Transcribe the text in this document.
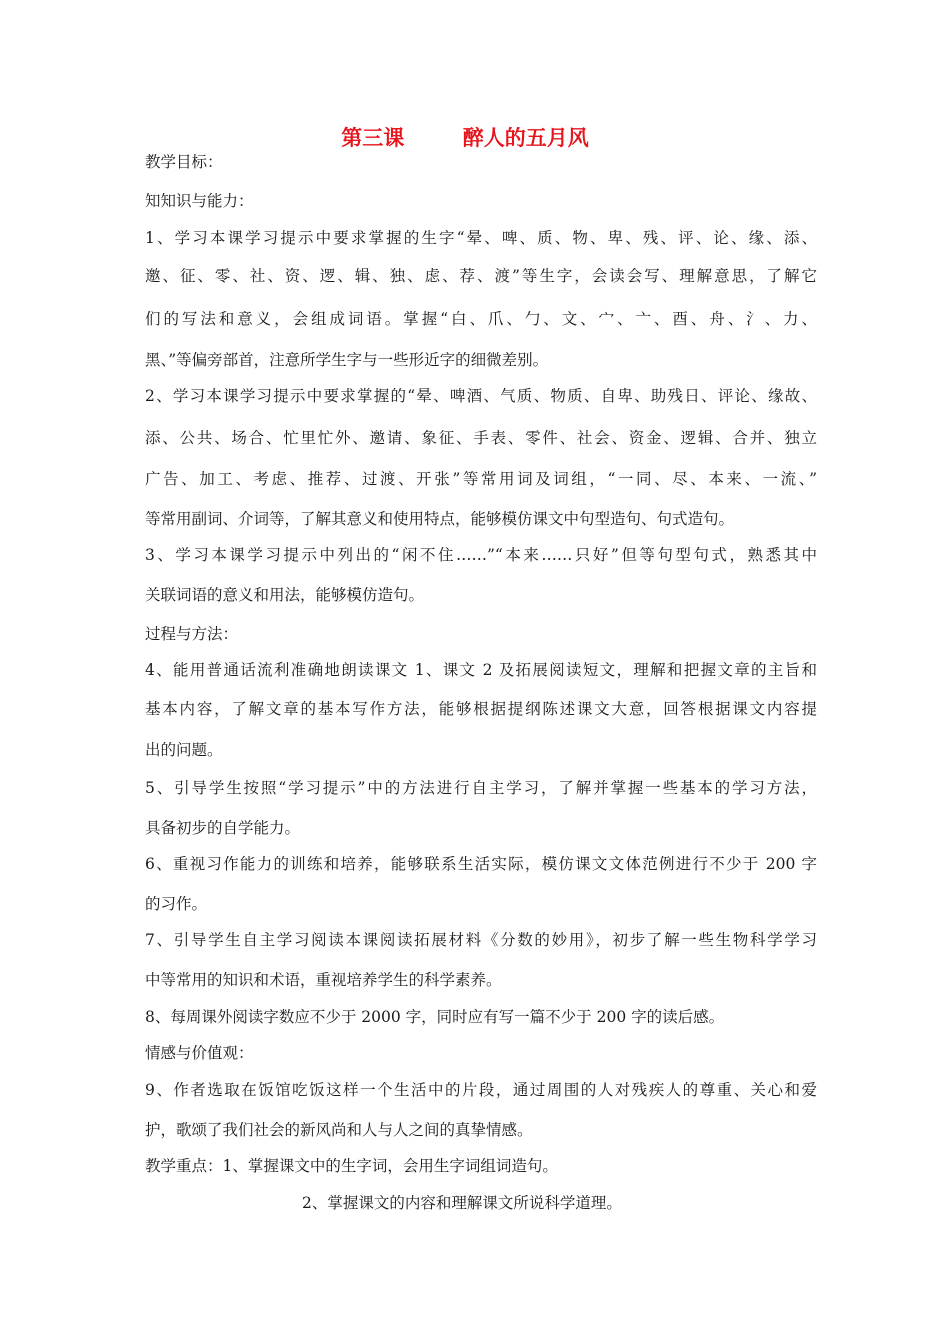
第三课        醉人的五月风
教学目标：
知知识与能力：
1、学习本课学习提示中要求掌握的生字“晕、啤、质、物、卑、残、评、论、缘、添、
邀、征、零、社、资、逻、辑、独、虑、荐、渡”等生字，会读会写、理解意思，了解它
们的写法和意义，会组成词语。掌握“白、爪、勹、文、宀、亠、酉、舟、氵、力、
黑、”等偏旁部首，注意所学生字与一些形近字的细微差别。
2、学习本课学习提示中要求掌握的“晕、啤酒、气质、物质、自卑、助残日、评论、缘故、
添、公共、场合、忙里忙外、邀请、象征、手表、零件、社会、资金、逻辑、合并、独立
广告、加工、考虑、推荐、过渡、开张”等常用词及词组，“一同、尽、本来、一流、”
等常用副词、介词等，了解其意义和使用特点，能够模仿课文中句型造句、句式造句。
3、学习本课学习提示中列出的“闲不住……”“本来……只好”但等句型句式，熟悉其中
关联词语的意义和用法，能够模仿造句。
过程与方法：
4、能用普通话流利准确地朗读课文 1、课文 2 及拓展阅读短文，理解和把握文章的主旨和
基本内容，了解文章的基本写作方法，能够根据提纲陈述课文大意，回答根据课文内容提
出的问题。
5、引导学生按照“学习提示”中的方法进行自主学习，了解并掌握一些基本的学习方法，
具备初步的自学能力。
6、重视习作能力的训练和培养，能够联系生活实际，模仿课文文体范例进行不少于 200 字
的习作。
7、引导学生自主学习阅读本课阅读拓展材料《分数的妙用》，初步了解一些生物科学学习
中等常用的知识和术语，重视培养学生的科学素养。
8、每周课外阅读字数应不少于 2000 字，同时应有写一篇不少于 200 字的读后感。
情感与价值观：
9、作者选取在饭馆吃饭这样一个生活中的片段，通过周围的人对残疾人的尊重、关心和爱
护，歌颂了我们社会的新风尚和人与人之间的真挚情感。
教学重点：1、掌握课文中的生字词，会用生字词组词造句。
2、掌握课文的内容和理解课文所说科学道理。
